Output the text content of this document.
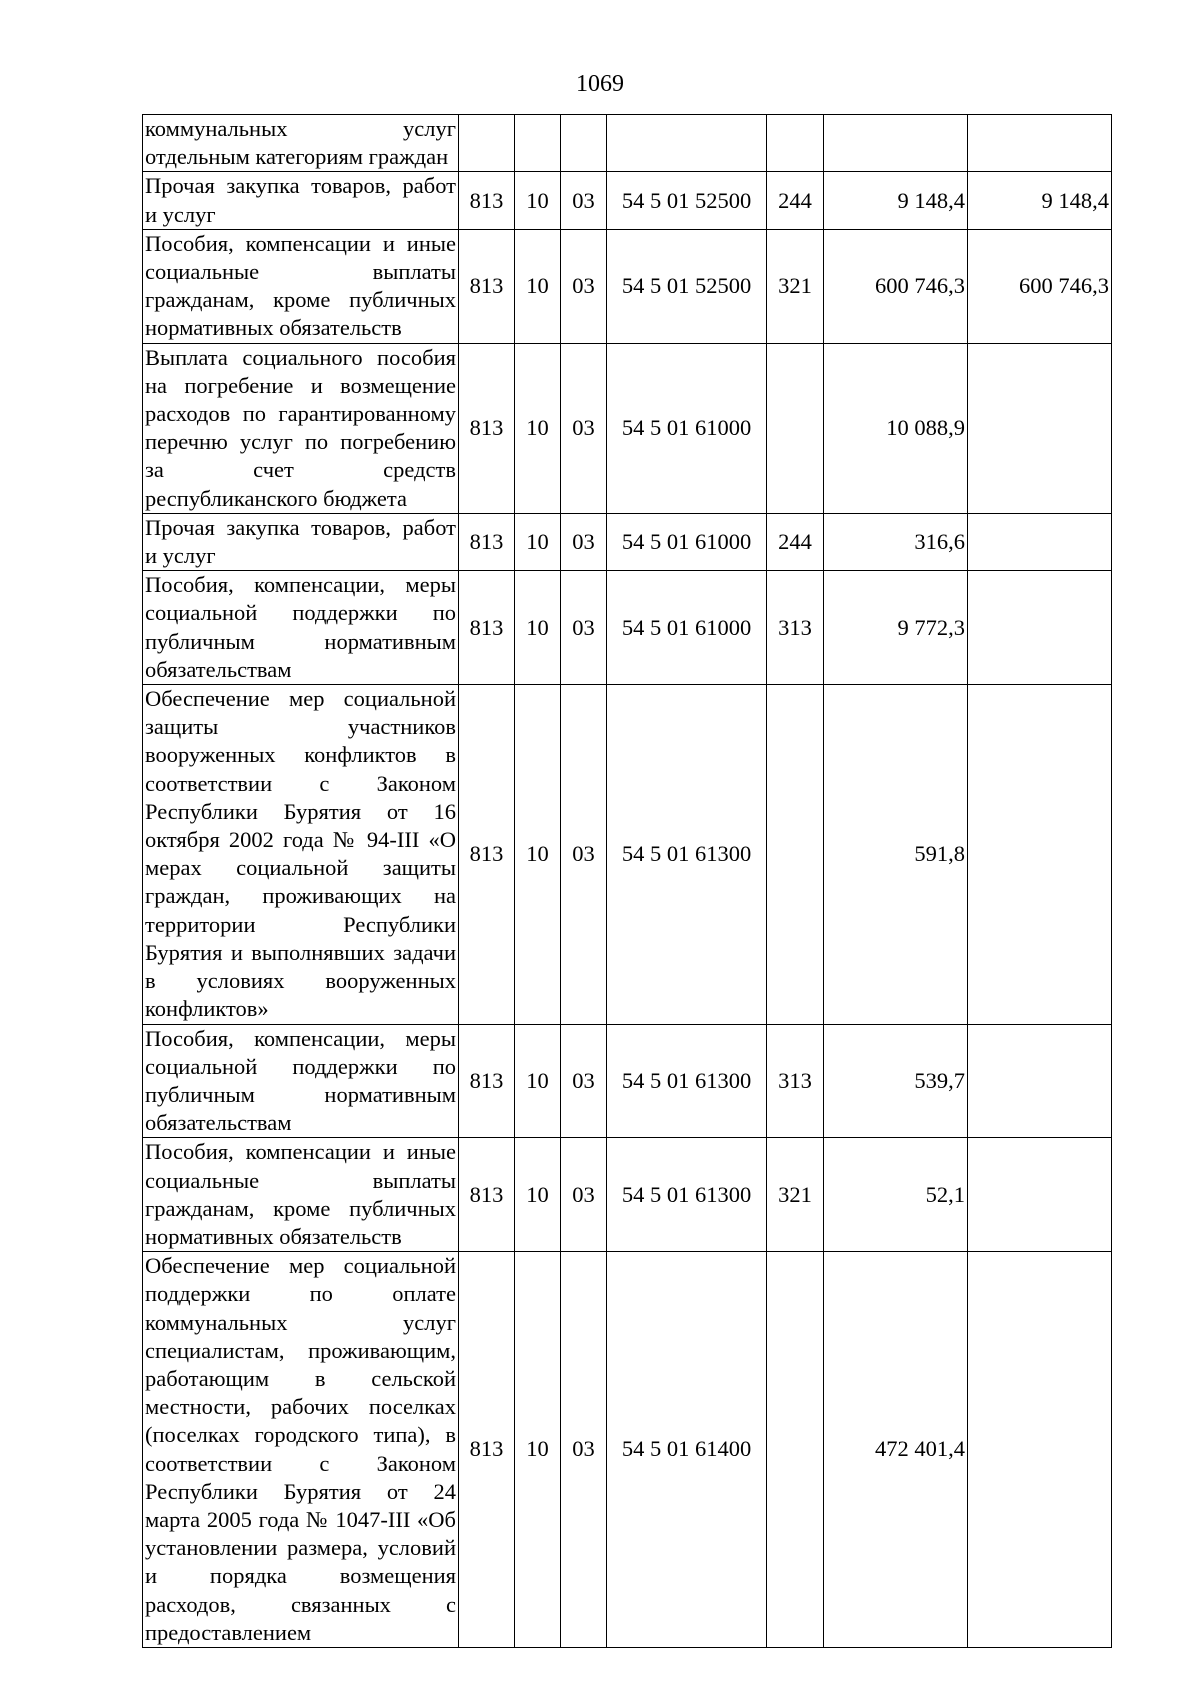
1069
коммунальных услуг отдельным категориям граждан							
Прочая закупка товаров, работ и услуг	813	10	03	54 5 01 52500	244	9 148,4	9 148,4
Пособия, компенсации и иные социальные выплаты гражданам, кроме публичных нормативных обязательств	813	10	03	54 5 01 52500	321	600 746,3	600 746,3
Выплата социального пособия на погребение и возмещение расходов по гарантированному перечню услуг по погребению за счет средств республиканского бюджета	813	10	03	54 5 01 61000		10 088,9	
Прочая закупка товаров, работ и услуг	813	10	03	54 5 01 61000	244	316,6	
Пособия, компенсации, меры социальной поддержки по публичным нормативным обязательствам	813	10	03	54 5 01 61000	313	9 772,3	
Обеспечение мер социальной защиты участников вооруженных конфликтов в соответствии с Законом Республики Бурятия от 16 октября 2002 года № 94-III «О мерах социальной защиты граждан, проживающих на территории Республики Бурятия и выполнявших задачи в условиях вооруженных конфликтов»	813	10	03	54 5 01 61300		591,8	
Пособия, компенсации, меры социальной поддержки по публичным нормативным обязательствам	813	10	03	54 5 01 61300	313	539,7	
Пособия, компенсации и иные социальные выплаты гражданам, кроме публичных нормативных обязательств	813	10	03	54 5 01 61300	321	52,1	
Обеспечение мер социальной поддержки по оплате коммунальных услуг специалистам, проживающим, работающим в сельской местности, рабочих поселках (поселках городского типа), в соответствии с Законом Республики Бурятия от 24 марта 2005 года № 1047-III «Об установлении размера, условий и порядка возмещения расходов, связанных с предоставлением	813	10	03	54 5 01 61400		472 401,4	
